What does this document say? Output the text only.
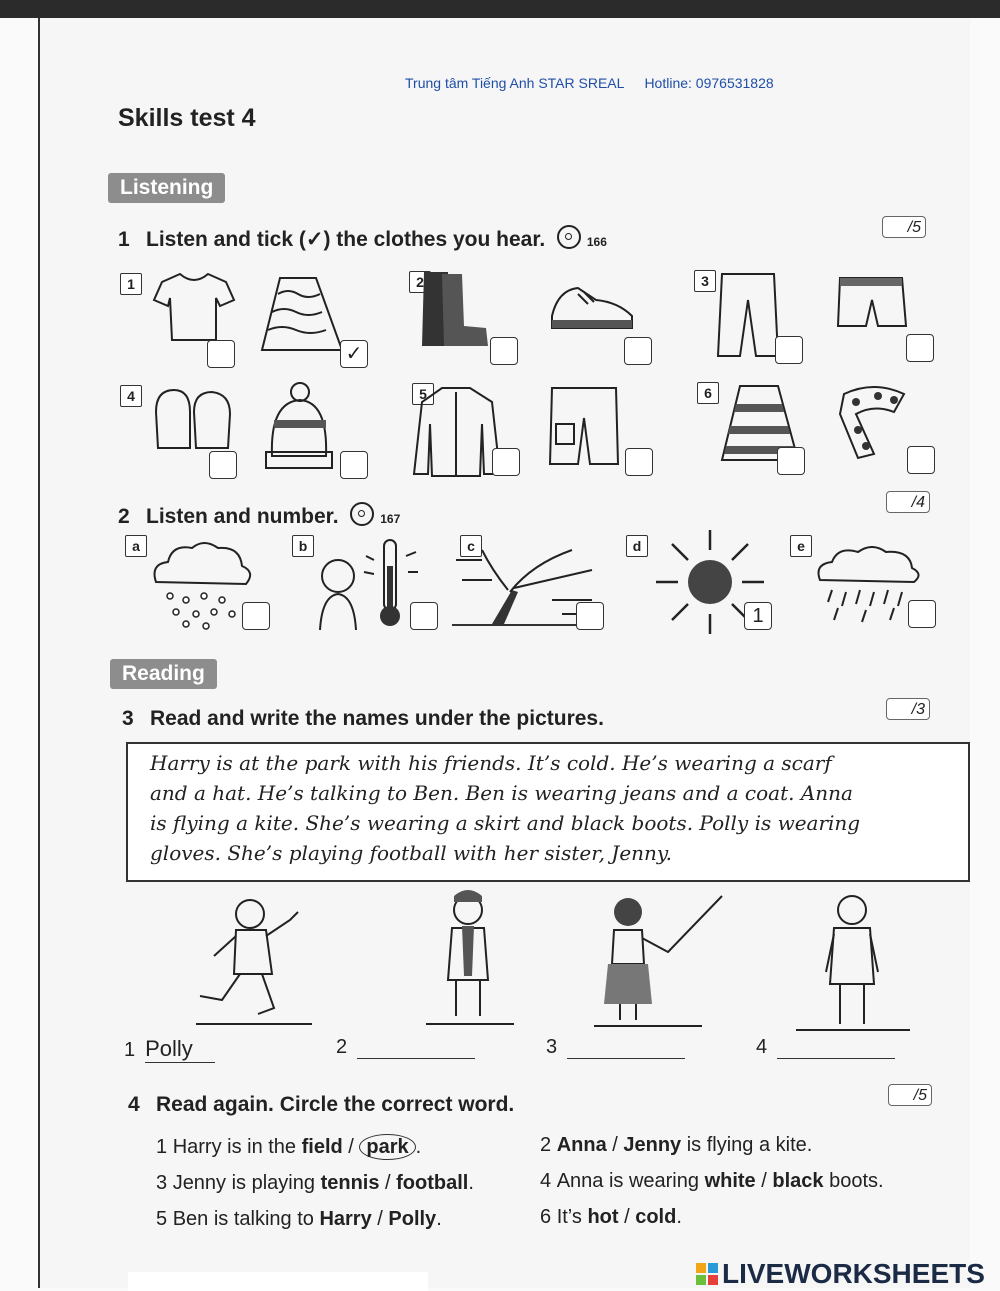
Trung tâm Tiếng Anh STAR SREAL Hotline: 0976531828
Skills test 4
Listening
1 Listen and tick (✓) the clothes you hear.	166
/5
1	2	3
✓
4	5	6
2 Listen and number.	167
/4
a	b	c	d	e
1
Reading
3 Read and write the names under the pictures.	/3
Harry is at the park with his friends. It’s cold. He’s wearing a scarf
and a hat. He’s talking to Ben. Ben is wearing jeans and a coat. Anna
is flying a kite. She’s wearing a skirt and black boots. Polly is wearing
gloves. She’s playing football with her sister, Jenny.
1 Polly	2	3	4
4 Read again. Circle the correct word.	/5
1 Harry is in the field / park .	2 Anna / Jenny is flying a kite.
3 Jenny is playing tennis / football.	4 Anna is wearing white / black boots.
5 Ben is talking to Harry / Polly.	6 It’s hot / cold.
LIVEWORKSHEETS
